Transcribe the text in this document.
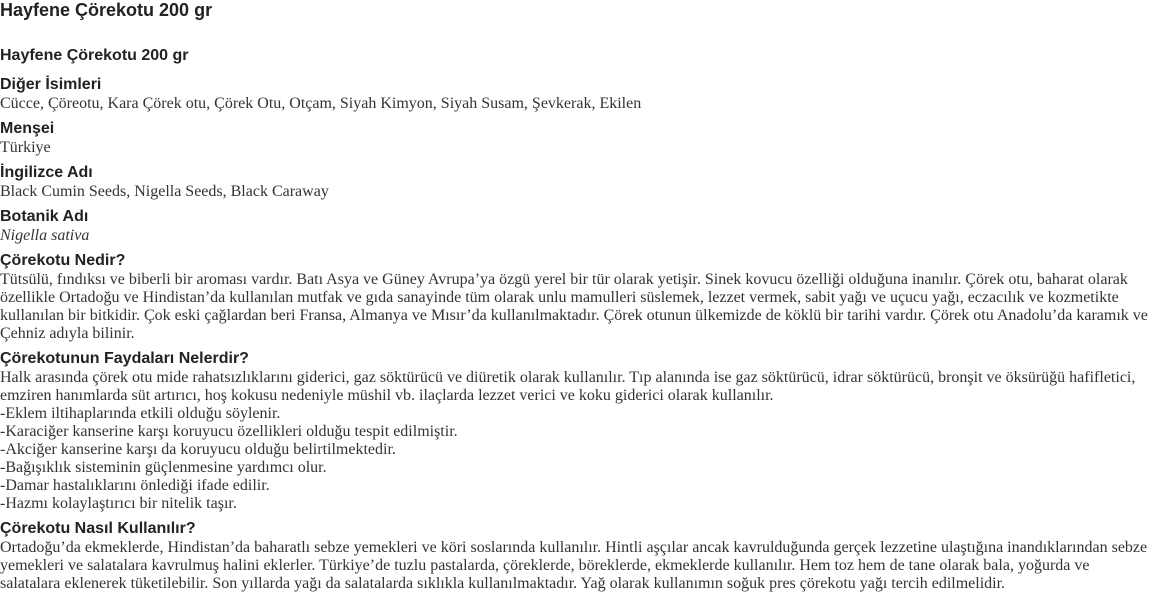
Hayfene Çörekotu 200 gr
Hayfene Çörekotu 200 gr
Diğer İsimleri

Cücce, Çöreotu, Kara Çörek otu, Çörek Otu, Otçam, Siyah Kimyon, Siyah Susam, Şevkerak, Ekilen

Menşei

Türkiye

İngilizce Adı

Black Cumin Seeds, Nigella Seeds, Black Caraway

Botanik Adı

Nigella sativa

Çörekotu Nedir?

Tütsülü, fındıksı ve biberli bir aroması vardır. Batı Asya ve Güney Avrupa’ya özgü yerel bir tür olarak yetişir. Sinek kovucu özelliği olduğuna inanılır. Çörek otu, baharat olarak özellikle Ortadoğu ve Hindistan’da kullanılan mutfak ve gıda sanayinde tüm olarak unlu mamulleri süslemek, lezzet vermek, sabit yağı ve uçucu yağı, eczacılık ve kozmetikte kullanılan bir bitkidir. Çok eski çağlardan beri Fransa, Almanya ve Mısır’da kullanılmaktadır. Çörek otunun ülkemizde de köklü bir tarihi vardır. Çörek otu Anadolu’da karamık ve Çehniz adıyla bilinir.

Çörekotunun Faydaları Nelerdir?

Halk arasında çörek otu mide rahatsızlıklarını giderici, gaz söktürücü ve diüretik olarak kullanılır. Tıp alanında ise gaz söktürücü, idrar söktürücü, bronşit ve öksürüğü hafifletici, emziren hanımlarda süt artırıcı, hoş kokusu nedeniyle müshil vb. ilaçlarda lezzet verici ve koku giderici olarak kullanılır.

-Eklem iltihaplarında etkili olduğu söylenir.

-Karaciğer kanserine karşı koruyucu özellikleri olduğu tespit edilmiştir.

-Akciğer kanserine karşı da koruyucu olduğu belirtilmektedir.

-Bağışıklık sisteminin güçlenmesine yardımcı olur.

-Damar hastalıklarını önlediği ifade edilir.

-Hazmı kolaylaştırıcı bir nitelik taşır.

Çörekotu Nasıl Kullanılır?

Ortadoğu’da ekmeklerde, Hindistan’da baharatlı sebze yemekleri ve köri soslarında kullanılır. Hintli aşçılar ancak kavrulduğunda gerçek lezzetine ulaştığına inandıklarından sebze yemekleri ve salatalara kavrulmuş halini eklerler. Türkiye’de tuzlu pastalarda, çöreklerde, böreklerde, ekmeklerde kullanılır. Hem toz hem de tane olarak bala, yoğurda ve salatalara eklenerek tüketilebilir. Son yıllarda yağı da salatalarda sıklıkla kullanılmaktadır. Yağ olarak kullanımın soğuk pres çörekotu yağı tercih edilmelidir.
